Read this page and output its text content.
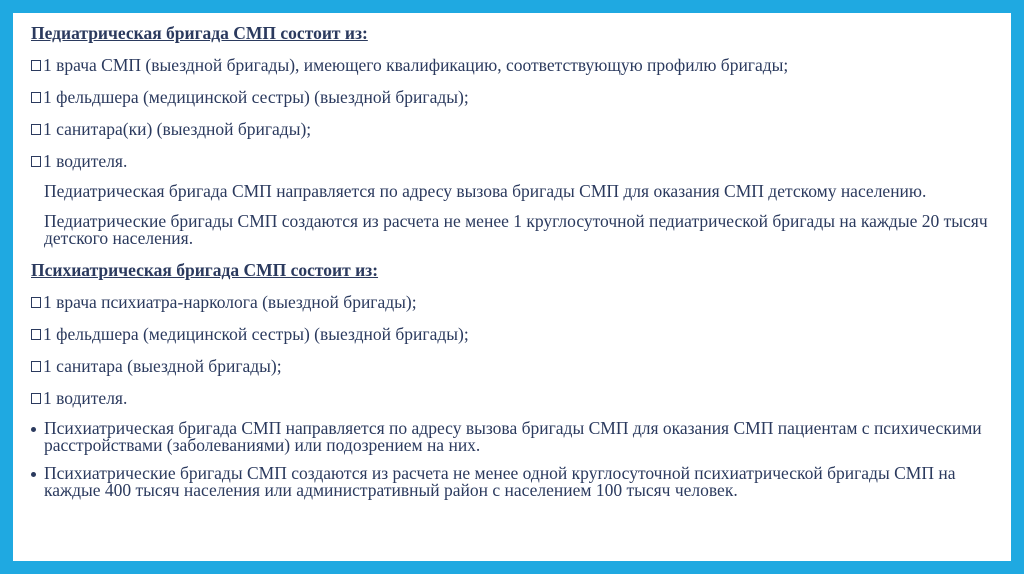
Педиатрическая бригада СМП состоит из:
1 врача СМП (выездной бригады), имеющего квалификацию, соответствующую профилю бригады;
1 фельдшера (медицинской сестры) (выездной бригады);
1 санитара(ки) (выездной бригады);
1 водителя.
Педиатрическая бригада СМП направляется по адресу вызова бригады СМП для оказания СМП детскому населению.
Педиатрические бригады СМП создаются из расчета не менее 1 круглосуточной педиатрической бригады на каждые 20 тысяч детского населения.
Психиатрическая бригада СМП состоит из:
1 врача психиатра-нарколога (выездной бригады);
1 фельдшера (медицинской сестры) (выездной бригады);
1 санитара (выездной бригады);
1 водителя.
Психиатрическая бригада СМП направляется по адресу вызова бригады СМП для оказания СМП пациентам с психическими расстройствами (заболеваниями) или подозрением на них.
Психиатрические бригады СМП создаются из расчета не менее одной круглосуточной психиатрической бригады СМП на каждые 400 тысяч населения или административный район с населением 100 тысяч человек.
